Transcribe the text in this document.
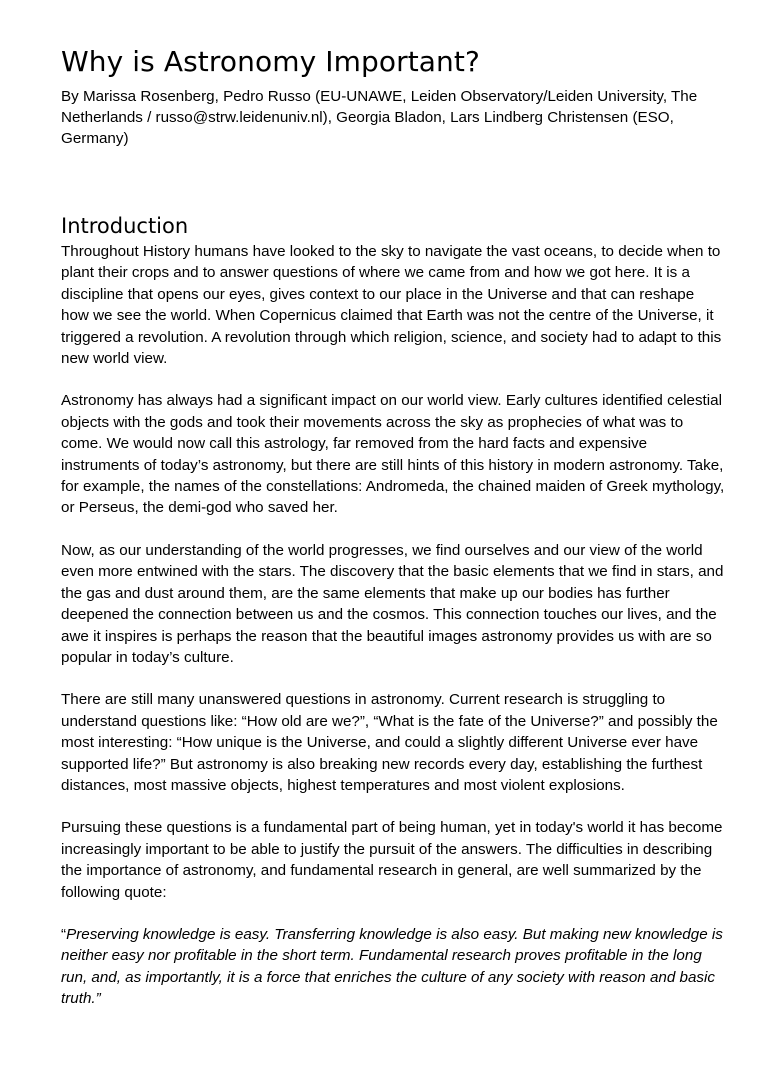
Why is Astronomy Important?

By Marissa Rosenberg, Pedro Russo (EU-UNAWE, Leiden Observatory/Leiden University, The Netherlands / russo@strw.leidenuniv.nl), Georgia Bladon, Lars Lindberg Christensen (ESO, Germany)

Introduction

Throughout History humans have looked to the sky to navigate the vast oceans, to decide when to plant their crops and to answer questions of where we came from and how we got here. It is a discipline that opens our eyes, gives context to our place in the Universe and that can reshape how we see the world. When Copernicus claimed that Earth was not the centre of the Universe, it triggered a revolution. A revolution through which religion, science, and society had to adapt to this new world view.

Astronomy has always had a significant impact on our world view. Early cultures identified celestial objects with the gods and took their movements across the sky as prophecies of what was to come. We would now call this astrology, far removed from the hard facts and expensive instruments of today’s astronomy, but there are still hints of this history in modern astronomy. Take, for example, the names of the constellations: Andromeda, the chained maiden of Greek mythology, or Perseus, the demi-god who saved her.

Now, as our understanding of the world progresses, we find ourselves and our view of the world even more entwined with the stars. The discovery that the basic elements that we find in stars, and the gas and dust around them, are the same elements that make up our bodies has further deepened the connection between us and the cosmos. This connection touches our lives, and the awe it inspires is perhaps the reason that the beautiful images astronomy provides us with are so popular in today’s culture.

There are still many unanswered questions in astronomy. Current research is struggling to understand questions like: “How old are we?”, “What is the fate of the Universe?” and possibly the most interesting: “How unique is the Universe, and could a slightly different Universe ever have supported life?” But astronomy is also breaking new records every day, establishing the furthest distances, most massive objects, highest temperatures and most violent explosions.

Pursuing these questions is a fundamental part of being human, yet in today's world it has become increasingly important to be able to justify the pursuit of the answers. The difficulties in describing the importance of astronomy, and fundamental research in general, are well summarized by the following quote:

“Preserving knowledge is easy. Transferring knowledge is also easy. But making new knowledge is neither easy nor profitable in the short term. Fundamental research proves profitable in the long run, and, as importantly, it is a force that enriches the culture of any society with reason and basic truth.”
